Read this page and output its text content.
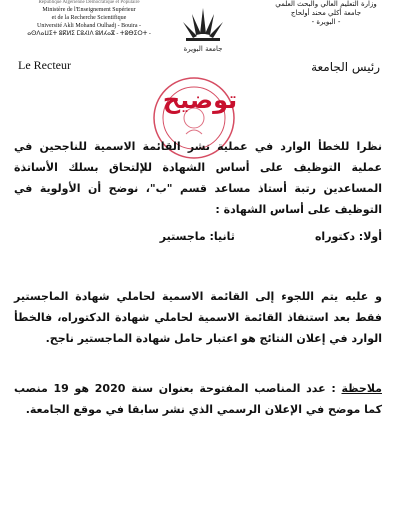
République Algérienne Démocratique et Populaire
Ministère de l'Enseignement Supérieur
et de la Recherche Scientifique
Université Akli Mohand Oulhadj - Bouira -
ⴰⵙⴷⴰⵡⵉⵜ ⵓⴽⵍⵉ ⵎⵓⵃⵏⴷ ⵓⵍⵃⴰⴵ - ⵜⵓⴱⵉⵔⵜ -
جامعة البويرة
وزارة التعليم العالي والبحث العلمي
جامعة أكلي محند أولحاج
- البويرة -
Le Recteur	رئيس الجامعة
توضيح
نظرا للخطأ الوارد في عملية نشر القائمة الاسمية للناجحين في عملية التوظيف على أساس الشهادة للإلتحاق بسلك الأساتذة المساعدين رتبة أستاذ مساعد قسم "ب"، نوضح أن الأولوية في التوظيف على أساس الشهادة :
أولا: دكتوراه
ثانيا: ماجستير
و عليه يتم اللجوء إلى القائمة الاسمية لحاملي شهادة الماجستير فقط بعد استنفاذ القائمة الاسمية لحاملي شهادة الدكتوراه، فالخطأ الوارد في إعلان النتائج هو اعتبار حامل شهادة الماجستير ناجح.
ملاحظة : عدد المناصب المفتوحة بعنوان سنة 2020 هو 19 منصب كما موضح في الإعلان الرسمي الذي نشر سابقا في موقع الجامعة.
